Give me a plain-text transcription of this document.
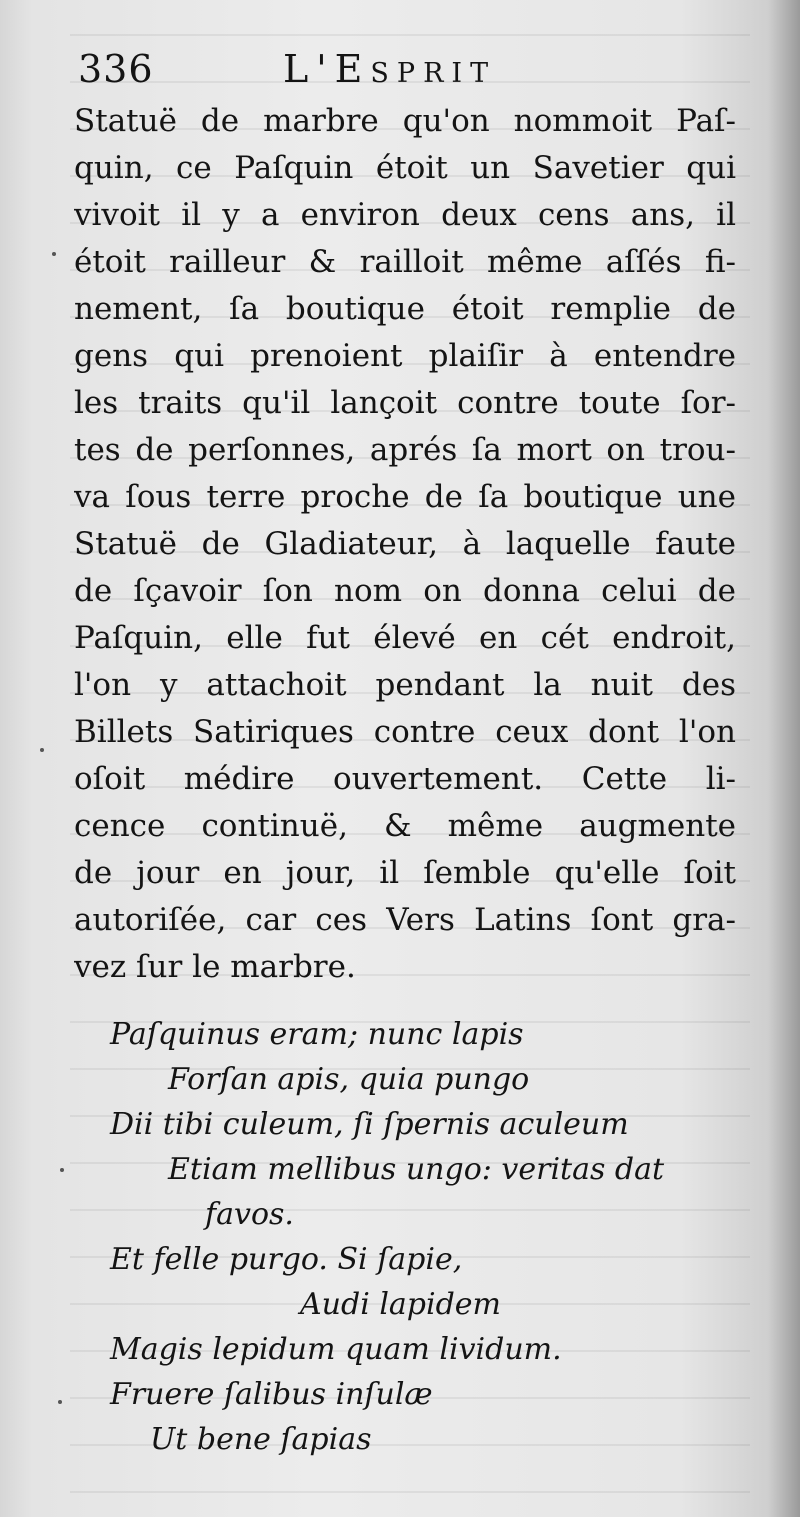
336	L'Esprit
Statuë de marbre qu'on nommoit Paſ-
quin, ce Paſquin étoit un Savetier qui
vivoit il y a environ deux cens ans, il
étoit railleur & railloit même aſſés fi-
nement, ſa boutique étoit remplie de
gens qui prenoient plaiſir à entendre
les traits qu'il lançoit contre toute ſor-
tes de perſonnes, aprés ſa mort on trou-
va ſous terre proche de ſa boutique une
Statuë de Gladiateur, à laquelle faute
de ſçavoir ſon nom on donna celui de
Paſquin, elle fut élevé en cét endroit,
l'on y attachoit pendant la nuit des
Billets Satiriques contre ceux dont l'on
oſoit médire ouvertement. Cette li-
cence continuë, & même augmente
de jour en jour, il ſemble qu'elle ſoit
autoriſée, car ces Vers Latins ſont gra-
vez ſur le marbre.
Paſquinus eram; nunc lapis
Forſan apis, quia pungo
Dii tibi culeum, ſi ſpernis aculeum
Etiam mellibus ungo: veritas dat
favos.
Et felle purgo. Si ſapie,
Audi lapidem
Magis lepidum quam lividum.
Fruere ſalibus inſulæ
Ut bene ſapias
